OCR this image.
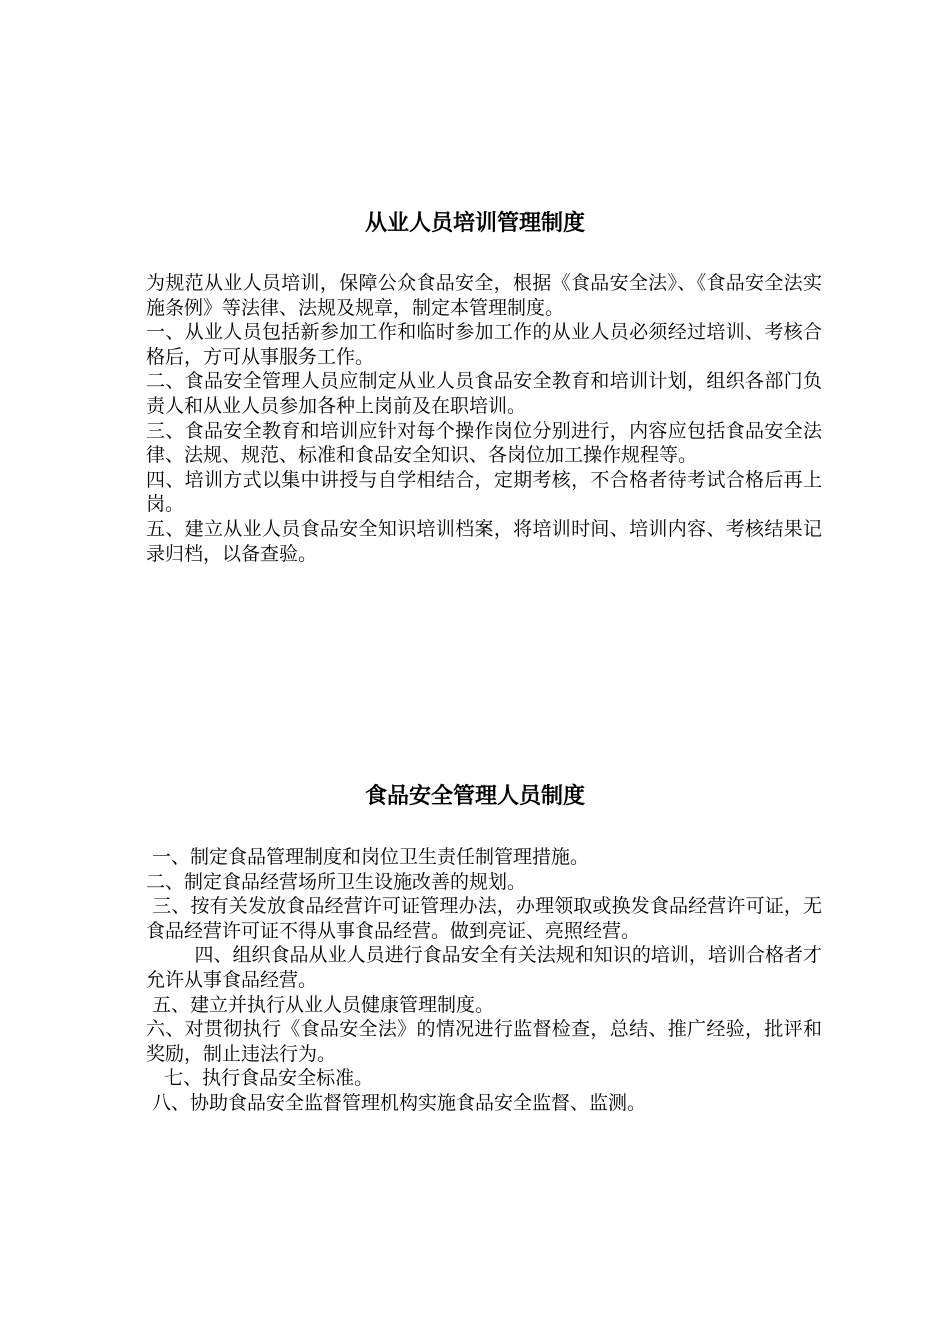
从业人员培训管理制度

为规范从业人员培训，保障公众食品安全，根据《食品安全法》、《食品安全法实施条例》等法律、法规及规章，制定本管理制度。

一、从业人员包括新参加工作和临时参加工作的从业人员必须经过培训、考核合格后，方可从事服务工作。

二、食品安全管理人员应制定从业人员食品安全教育和培训计划，组织各部门负责人和从业人员参加各种上岗前及在职培训。

三、食品安全教育和培训应针对每个操作岗位分别进行，内容应包括食品安全法律、法规、规范、标准和食品安全知识、各岗位加工操作规程等。

四、培训方式以集中讲授与自学相结合，定期考核，不合格者待考试合格后再上岗。

五、建立从业人员食品安全知识培训档案，将培训时间、培训内容、考核结果记录归档，以备查验。

食品安全管理人员制度

一、制定食品管理制度和岗位卫生责任制管理措施。

二、制定食品经营场所卫生设施改善的规划。

三、按有关发放食品经营许可证管理办法，办理领取或换发食品经营许可证，无食品经营许可证不得从事食品经营。做到亮证、亮照经营。

四、组织食品从业人员进行食品安全有关法规和知识的培训，培训合格者才允许从事食品经营。

五、建立并执行从业人员健康管理制度。

六、对贯彻执行《食品安全法》的情况进行监督检查，总结、推广经验，批评和奖励，制止违法行为。

七、执行食品安全标准。

八、协助食品安全监督管理机构实施食品安全监督、监测。
